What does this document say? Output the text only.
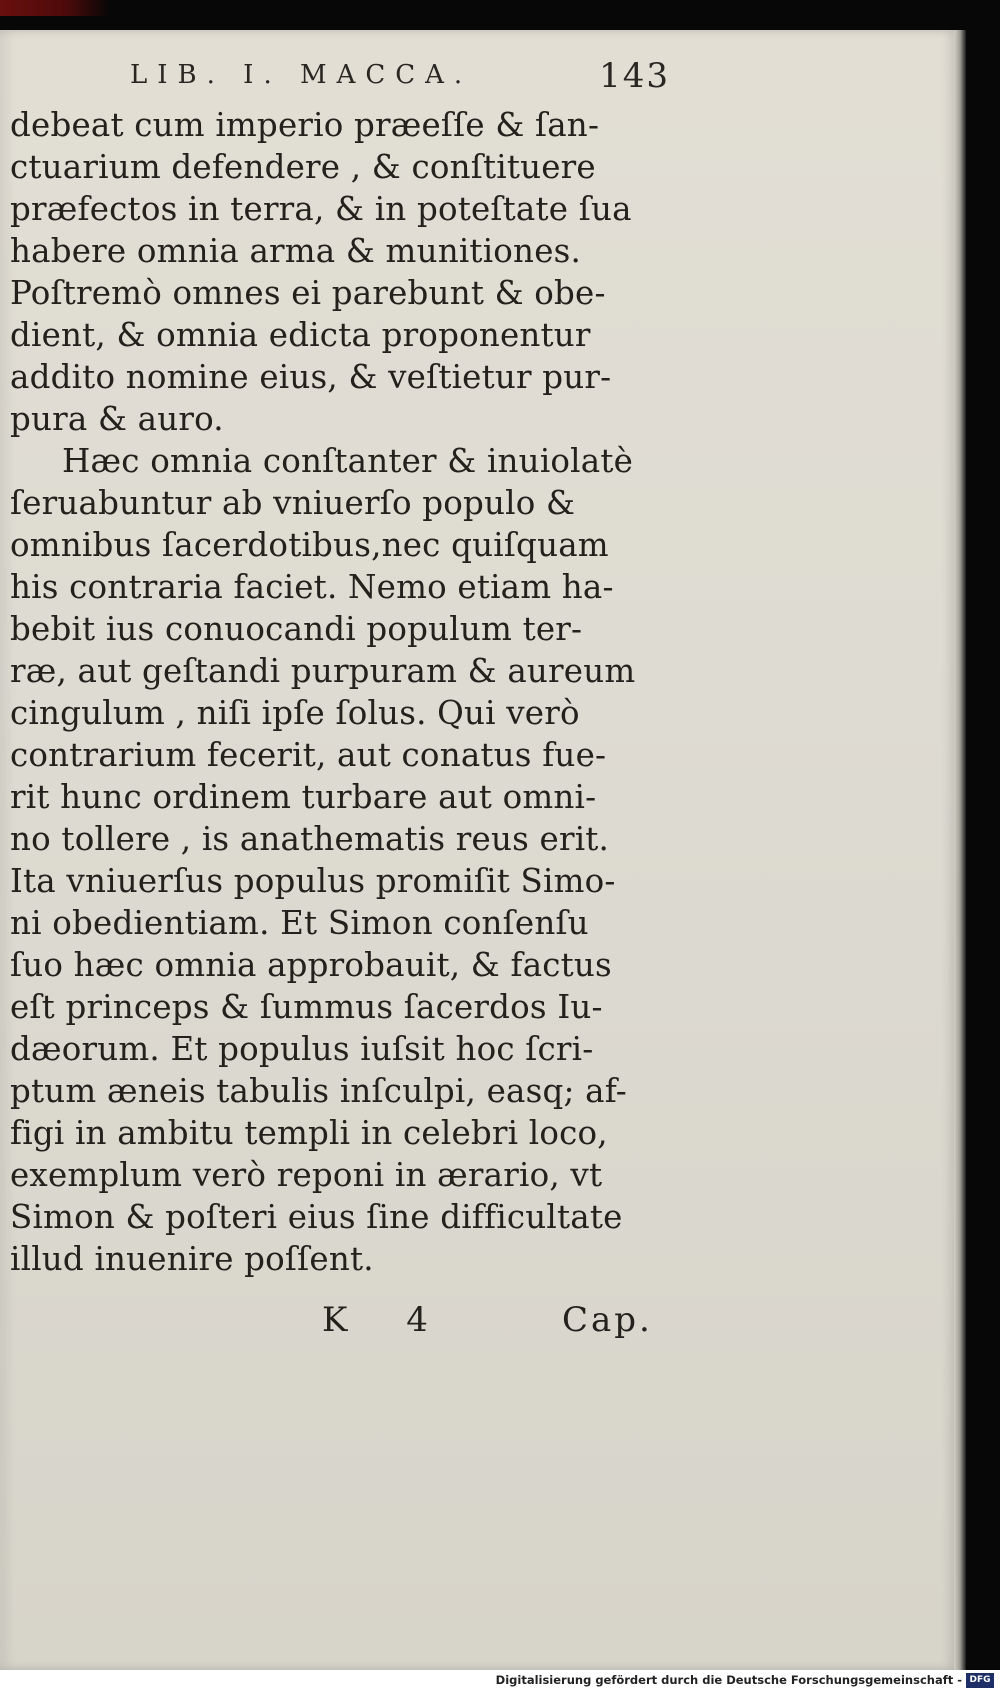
LIB. I. MACCA.	143
debeat cum imperio præeſſe & ſan-
ctuarium defendere , & conſtituere
præfectos in terra, & in poteſtate ſua
habere omnia arma & munitiones.
Poſtremò omnes ei parebunt & obe-
dient, & omnia edicta proponentur
addito nomine eius, & veſtietur pur-
pura & auro.
Hæc omnia conſtanter & inuiolatè
ſeruabuntur ab vniuerſo populo &
omnibus ſacerdotibus,nec quiſquam
his contraria faciet. Nemo etiam ha-
bebit ius conuocandi populum ter-
ræ, aut geſtandi purpuram & aureum
cingulum , niſi ipſe ſolus. Qui verò
contrarium fecerit, aut conatus fue-
rit hunc ordinem turbare aut omni-
no tollere , is anathematis reus erit.
Ita vniuerſus populus promiſit Simo-
ni obedientiam. Et Simon conſenſu
ſuo hæc omnia approbauit, & factus
eſt princeps & ſummus ſacerdos Iu-
dæorum. Et populus iuſsit hoc ſcri-
ptum æneis tabulis inſculpi, easq; af-
figi in ambitu templi in celebri loco,
exemplum verò reponi in ærario, vt
Simon & poſteri eius ſine difficultate
illud inuenire poſſent.
K 4	Cap.
Digitalisierung gefördert durch die Deutsche Forschungsgemeinschaft - DFG
